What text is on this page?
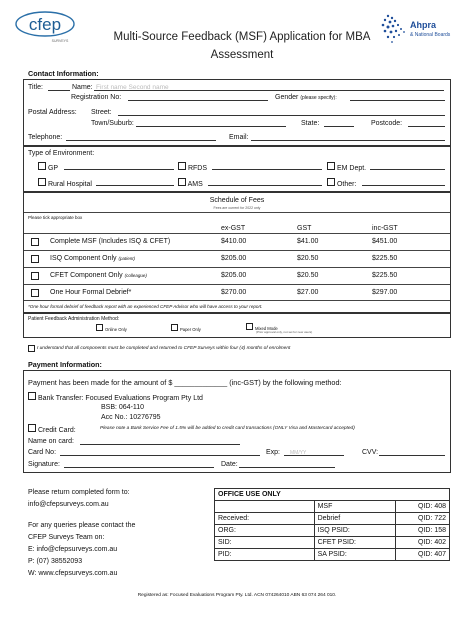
cfep
SURVEYS	Multi-Source Feedback (MSF) Application for MBA Assessment
Ahpra
& National Boards
Contact Information:
Title:	Name: First name Second name
Registration No:	Gender (please specify):
Postal Address: Street:
Town/Suburb:	State:	Postcode:
Telephone:	Email:
Type of Environment:
GP	RFDS	EM Dept.
Rural Hospital	AMS	Other:
Schedule of Fees
Fees are current for 2022 only
Please tick appropriate box
ex-GST	GST	inc-GST
Complete MSF (Includes ISQ & CFET)	$410.00	$41.00	$451.00
ISQ Component Only (patient)	$205.00	$20.50	$225.50
CFET Component Only (colleague)	$205.00	$20.50	$225.50
One Hour Formal Debrief*	$270.00	$27.00	$297.00
*One hour formal debrief of feedback report with an experienced CFEP Advisor who will have access to your report.
Patient Feedback Administration Method:
Online Only	Paper Only	Mixed Mode
(Prior approval only, not set for new users)
I understand that all components must be completed and returned to CFEP Surveys within four (4) months of enrolment
Payment Information:
Payment has been made for the amount of $ _____________ (inc-GST) by the following method:
Bank Transfer: Focused Evaluations Program Pty Ltd
BSB: 064-110
Acc No.: 10276795
Credit Card:	Please note a Bank Service Fee of 1.5% will be added to credit card transactions (ONLY Visa and Mastercard accepted)
Name on card:
Card No:	Exp: MM/YY	CVV:
Signature:	Date:
Please return completed form to:
info@cfepsurveys.com.au
For any queries please contact the
CFEP Surveys Team on:
E: info@cfepsurveys.com.au
P: (07) 38552093
W: www.cfepsurveys.com.au
OFFICE USE ONLY
	MSF	QID: 408
Received:	Debrief	QID: 722
ORG:	ISQ PSID:	QID: 158
SID:	CFET PSID:	QID: 402
PID:	SA PSID:	QID: 407
Registered as: Focused Evaluations Program Pty. Ltd. ACN 074264010 ABN 63 074 264 010.
